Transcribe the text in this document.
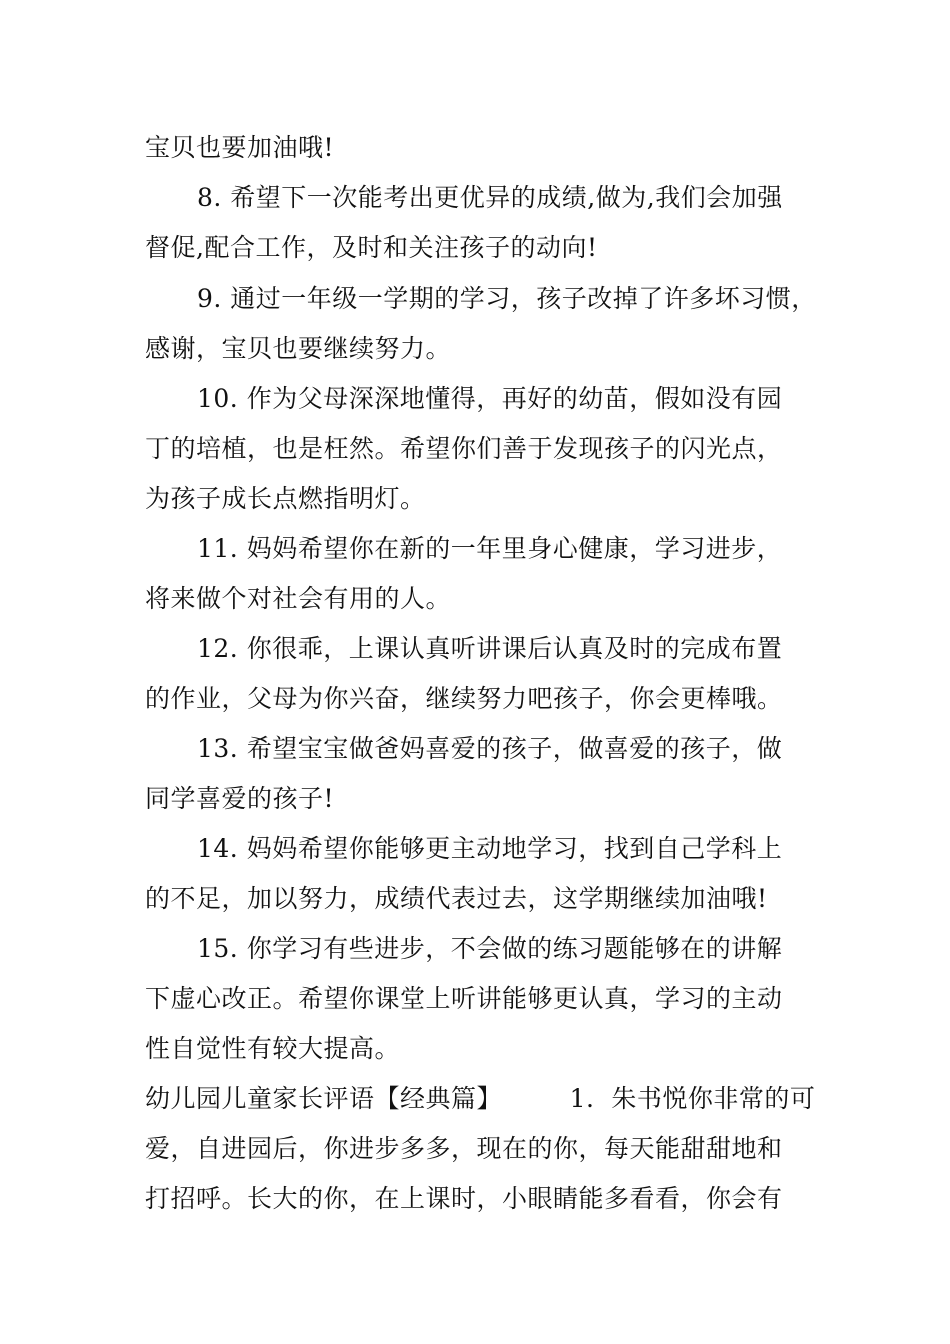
宝贝也要加油哦!
8. 希望下一次能考出更优异的成绩,做为,我们会加强
督促,配合工作，及时和关注孩子的动向!
9. 通过一年级一学期的学习，孩子改掉了许多坏习惯，
感谢，宝贝也要继续努力。
10. 作为父母深深地懂得，再好的幼苗，假如没有园
丁的培植，也是枉然。希望你们善于发现孩子的闪光点，
为孩子成长点燃指明灯。
11. 妈妈希望你在新的一年里身心健康，学习进步，
将来做个对社会有用的人。
12. 你很乖，上课认真听讲课后认真及时的完成布置
的作业，父母为你兴奋，继续努力吧孩子，你会更棒哦。
13. 希望宝宝做爸妈喜爱的孩子，做喜爱的孩子，做
同学喜爱的孩子!
14. 妈妈希望你能够更主动地学习，找到自己学科上
的不足，加以努力，成绩代表过去，这学期继续加油哦!
15. 你学习有些进步，不会做的练习题能够在的讲解
下虚心改正。希望你课堂上听讲能够更认真，学习的主动
性自觉性有较大提高。
幼儿园儿童家长评语【经典篇】        1.  朱书悦你非常的可
爱，自进园后，你进步多多，现在的你，每天能甜甜地和
打招呼。长大的你，在上课时，小眼睛能多看看，你会有
